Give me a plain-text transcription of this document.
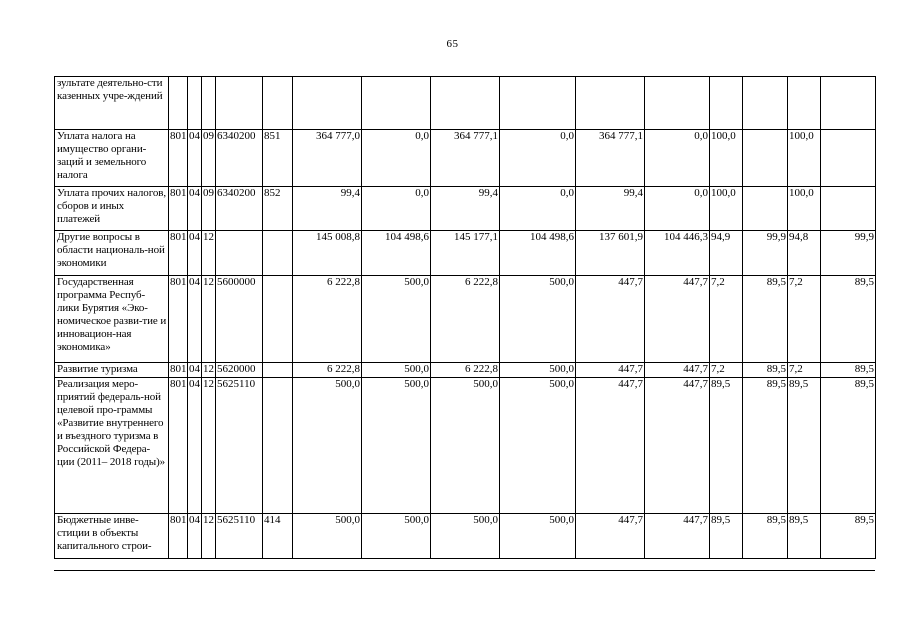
65
зультате деятельно-сти казенных учре-ждений															
Уплата налога на имущество органи-заций и земельного налога	801	04	09	6340200	851	364 777,0	0,0	364 777,1	0,0	364 777,1	0,0	100,0		100,0	
Уплата прочих налогов, сборов и иных платежей	801	04	09	6340200	852	99,4	0,0	99,4	0,0	99,4	0,0	100,0		100,0	
Другие вопросы в области националь-ной экономики	801	04	12			145 008,8	104 498,6	145 177,1	104 498,6	137 601,9	104 446,3	94,9	99,9	94,8	99,9
Государственная программа Респуб-лики Бурятия «Эко-номическое разви-тие и инновацион-ная экономика»	801	04	12	5600000		6 222,8	500,0	6 222,8	500,0	447,7	447,7	7,2	89,5	7,2	89,5
Развитие туризма	801	04	12	5620000		6 222,8	500,0	6 222,8	500,0	447,7	447,7	7,2	89,5	7,2	89,5
Реализация меро-приятий федераль-ной целевой про-граммы «Развитие внутреннего и въездного туризма в Российской Федера-ции (2011– 2018 годы)»	801	04	12	5625110		500,0	500,0	500,0	500,0	447,7	447,7	89,5	89,5	89,5	89,5
Бюджетные инве-стиции в объекты капитального строи-	801	04	12	5625110	414	500,0	500,0	500,0	500,0	447,7	447,7	89,5	89,5	89,5	89,5
